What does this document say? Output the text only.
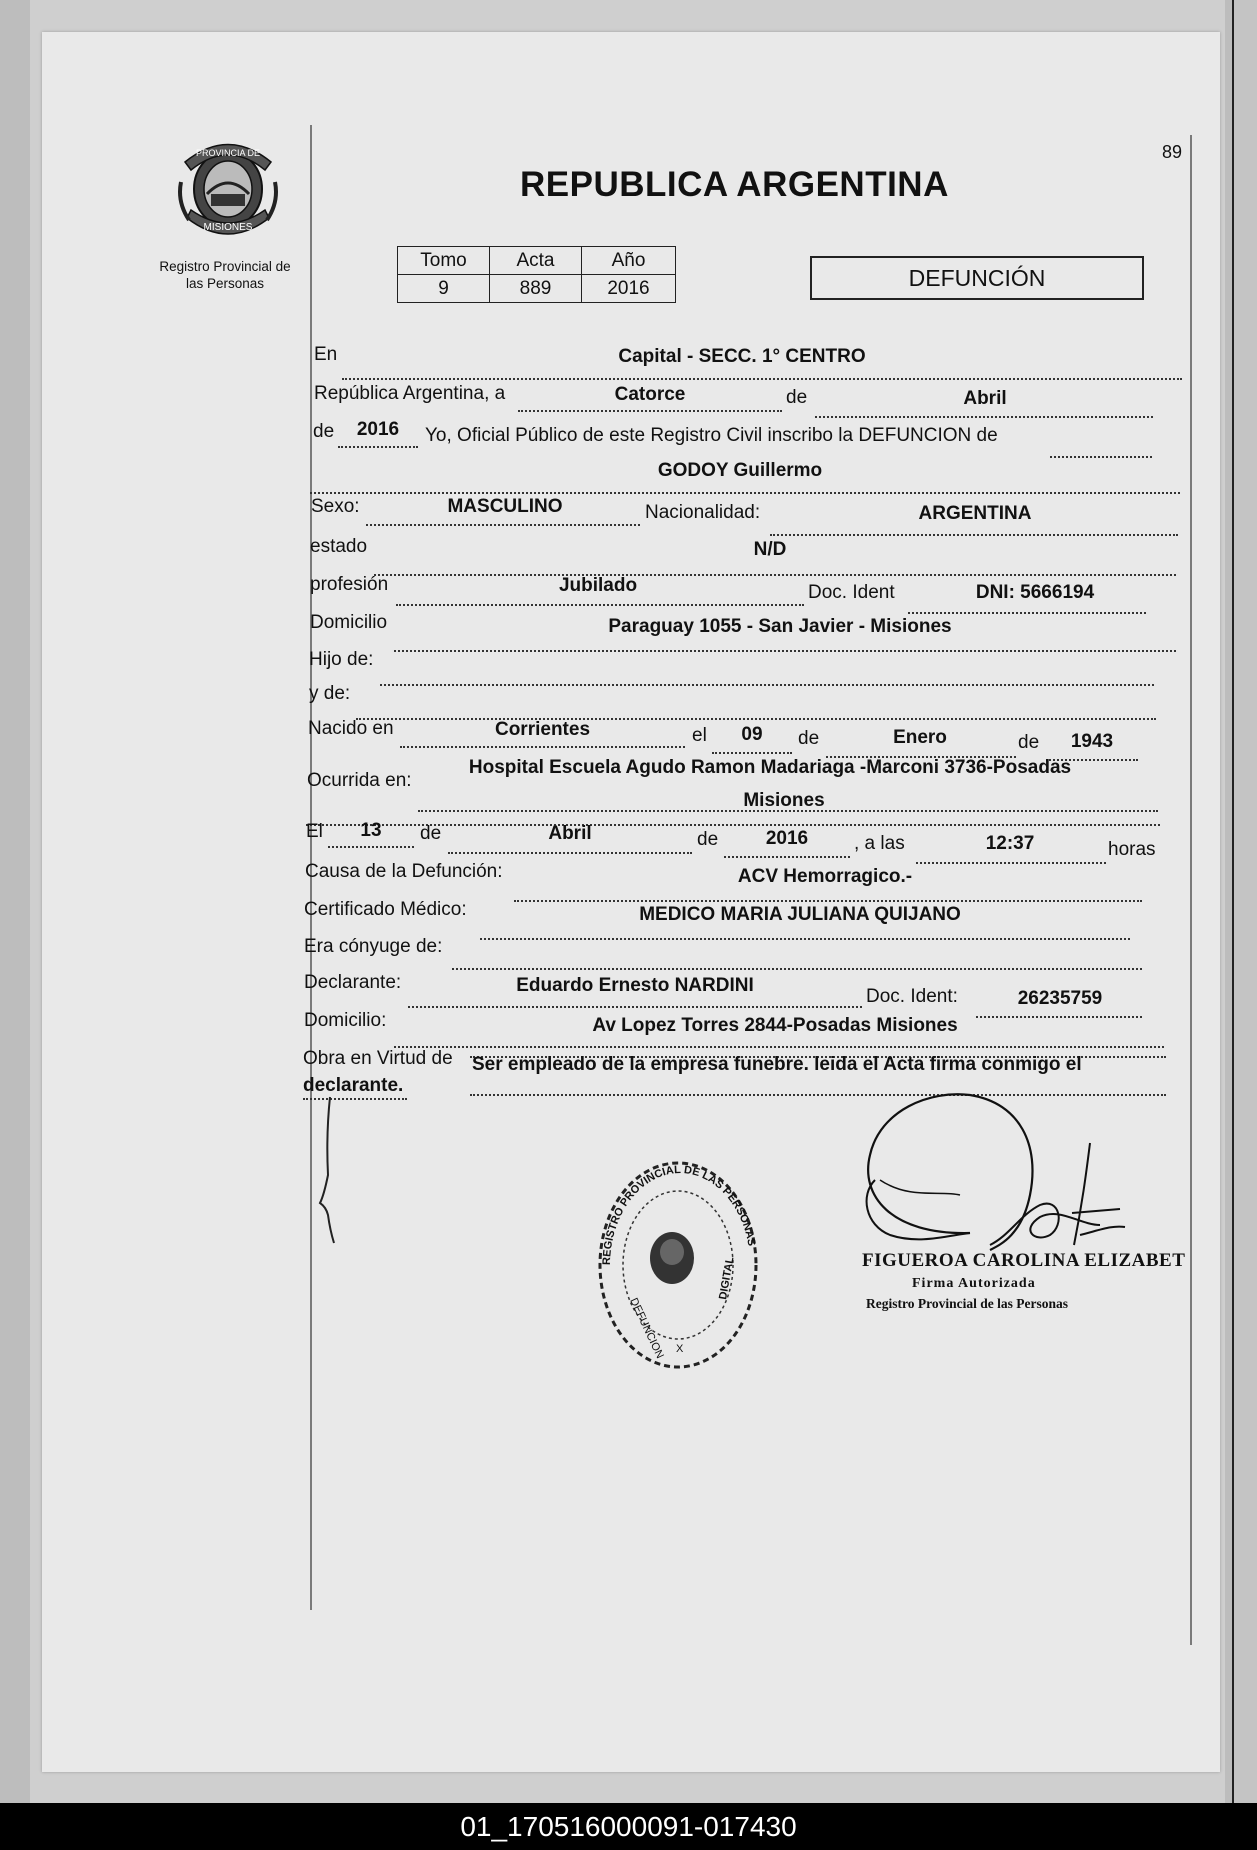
PROVINCIA DE
MISIONES
Registro Provincial de
las Personas
89
REPUBLICA ARGENTINA
Tomo	Acta	Año
9	889	2016	DEFUNCIÓN
En	Capital - SECC. 1° CENTRO
República Argentina, a	Catorce	de	Abril
de	2016	Yo, Oficial Público de este Registro Civil inscribo la DEFUNCION de
GODOY Guillermo
Sexo:	MASCULINO	Nacionalidad:	ARGENTINA
estado	N/D
profesión	Jubilado	Doc. Ident	DNI: 5666194
Domicilio	Paraguay 1055 - San Javier - Misiones
Hijo de:
y de:
Nacido en	Corrientes	el	09	de	Enero	de	1943
Ocurrida en:
Hospital Escuela Agudo Ramon Madariaga -Marconi 3736-Posadas
Misiones
El	13	de	Abril	de	2016	, a las	12:37	horas
Causa de la Defunción:	ACV Hemorragico.-
Certificado Médico:	MEDICO MARIA JULIANA QUIJANO
Era cónyuge de:
Declarante:	Eduardo Ernesto NARDINI
Doc. Ident:	26235759
Domicilio:	Av Lopez Torres 2844-Posadas Misiones
Obra en Virtud de Ser empleado de la empresa funebre. leida el Acta firma conmigo el
declarante.
REGISTRO PROVINCIAL DE LAS PERSONAS
DEFUNCION
DIGITAL
X
FIGUEROA CAROLINA ELIZABET
Firma Autorizada
Registro Provincial de las Personas
01_170516000091-017430
